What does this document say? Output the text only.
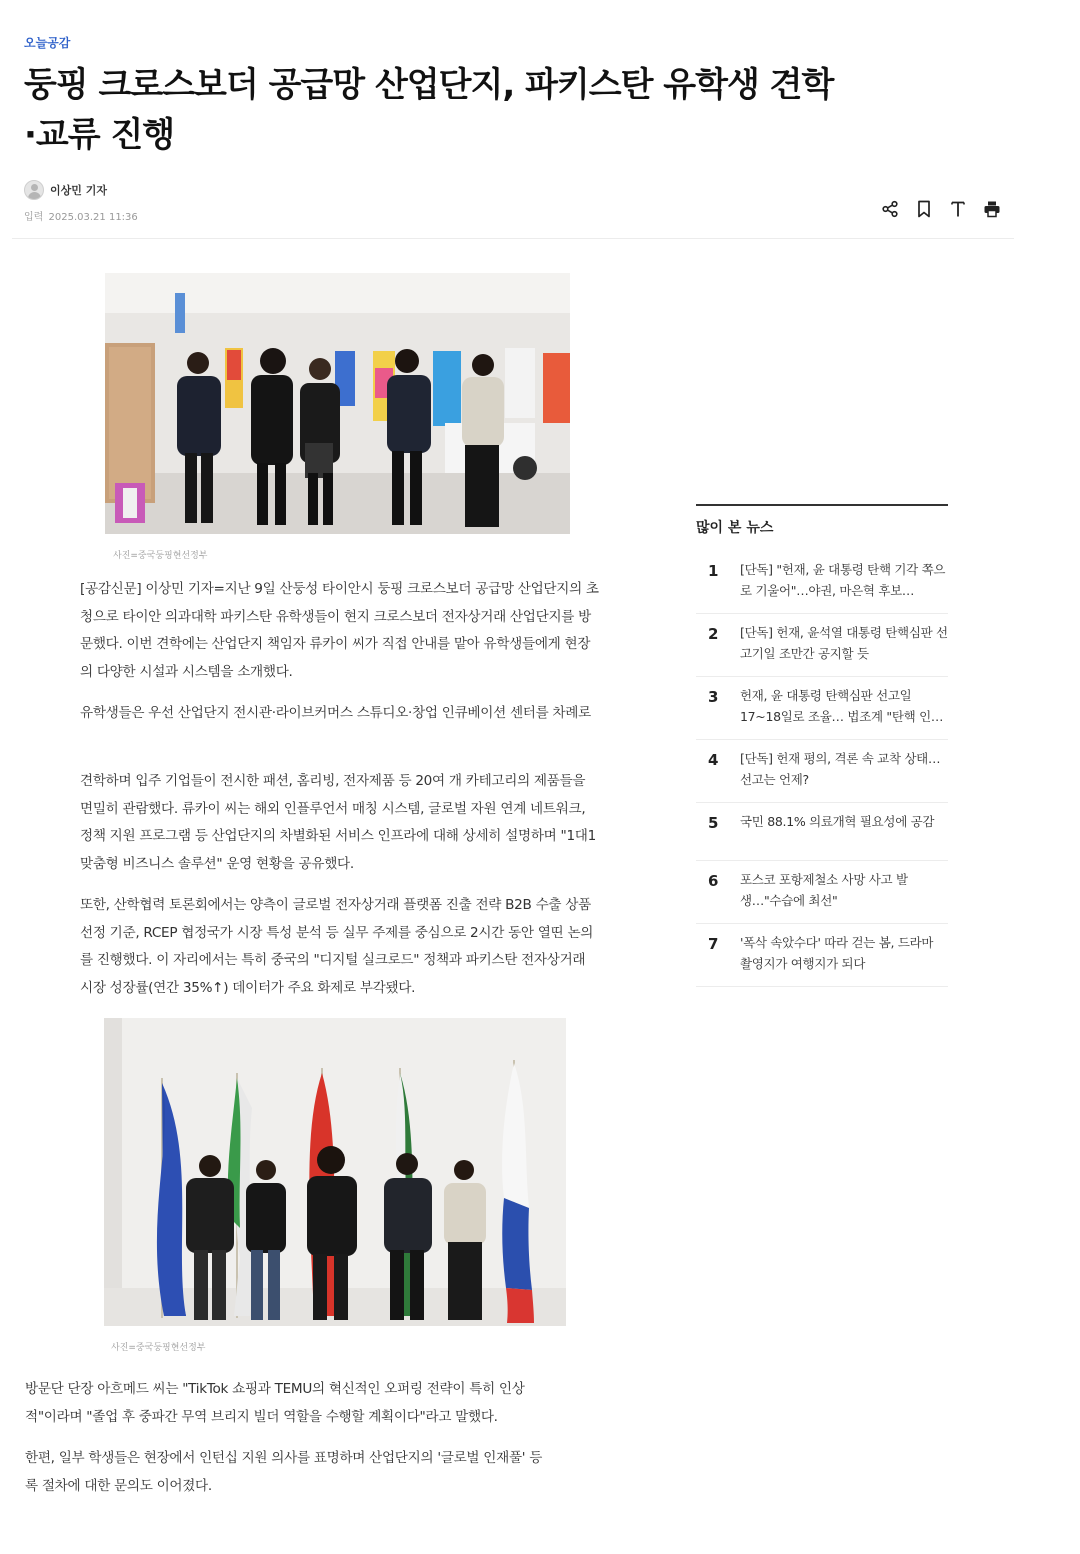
오늘공감
둥핑 크로스보더 공급망 산업단지, 파키스탄 유학생 견학·교류 진행
이상민 기자
입력 2025.03.21 11:36
사진=중국둥핑현선정부

[공감신문] 이상민 기자=지난 9일 산둥성 타이안시 둥핑 크로스보더 공급망 산업단지의 초청으로 타이안 의과대학 파키스탄 유학생들이 현지 크로스보더 전자상거래 산업단지를 방문했다. 이번 견학에는 산업단지 책임자 류카이 씨가 직접 안내를 맡아 유학생들에게 현장의 다양한 시설과 시스템을 소개했다.

유학생들은 우선 산업단지 전시관·라이브커머스 스튜디오·창업 인큐베이션 센터를 차례로

견학하며 입주 기업들이 전시한 패션, 홈리빙, 전자제품 등 20여 개 카테고리의 제품들을 면밀히 관람했다. 류카이 씨는 해외 인플루언서 매칭 시스템, 글로벌 자원 연계 네트워크, 정책 지원 프로그램 등 산업단지의 차별화된 서비스 인프라에 대해 상세히 설명하며 "1대1 맞춤형 비즈니스 솔루션" 운영 현황을 공유했다.

또한, 산학협력 토론회에서는 양측이 글로벌 전자상거래 플랫폼 진출 전략 B2B 수출 상품 선정 기준, RCEP 협정국가 시장 특성 분석 등 실무 주제를 중심으로 2시간 동안 열띤 논의를 진행했다. 이 자리에서는 특히 중국의 "디지털 실크로드" 정책과 파키스탄 전자상거래 시장 성장률(연간 35%↑) 데이터가 주요 화제로 부각됐다.

사진=중국둥핑현선정부

방문단 단장 아흐메드 씨는 "TikTok 쇼핑과 TEMU의 혁신적인 오퍼링 전략이 특히 인상적"이라며 "졸업 후 중파간 무역 브리지 빌더 역할을 수행할 계획이다"라고 말했다.

한편, 일부 학생들은 현장에서 인턴십 지원 의사를 표명하며 산업단지의 '글로벌 인재풀' 등록 절차에 대한 문의도 이어졌다.

많이 본 뉴스
1	[단독] "헌재, 윤 대통령 탄핵 기각 쪽으로 기울어"…야권, 마은혁 후보…
2	[단독] 헌재, 윤석열 대통령 탄핵심판 선고기일 조만간 공지할 듯
3	헌재, 윤 대통령 탄핵심판 선고일 17~18일로 조율… 법조계 "탄핵 인…
4	[단독] 헌재 평의, 격론 속 교착 상태…선고는 언제?
5	국민 88.1% 의료개혁 필요성에 공감
6	포스코 포항제철소 사망 사고 발생…"수습에 최선"
7	'폭삭 속았수다' 따라 걷는 봄, 드라마 촬영지가 여행지가 되다
